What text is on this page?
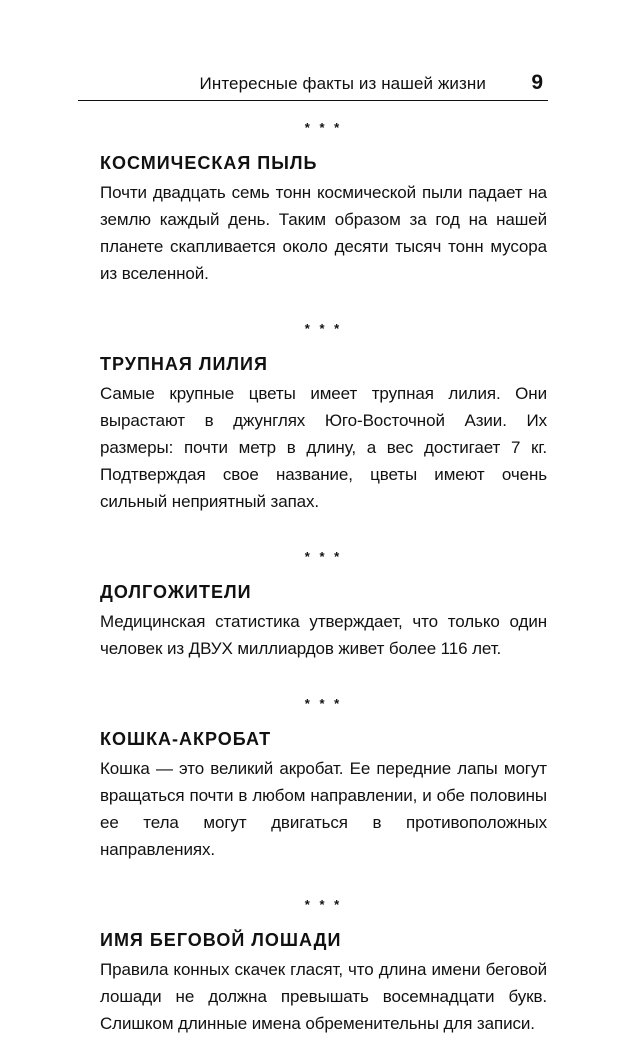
Интересные факты из нашей жизни 9
* * *
КОСМИЧЕСКАЯ ПЫЛЬ

Почти двадцать семь тонн космической пыли падает на землю каждый день. Таким образом за год на нашей планете скапливается около десяти тысяч тонн мусора из вселенной.

* * *
ТРУПНАЯ ЛИЛИЯ

Самые крупные цветы имеет трупная лилия. Они вырастают в джунглях Юго-Восточной Азии. Их размеры: почти метр в длину, а вес достигает 7 кг. Подтверждая свое название, цветы имеют очень сильный неприятный запах.

* * *
ДОЛГОЖИТЕЛИ

Медицинская статистика утверждает, что только один человек из ДВУХ миллиардов живет более 116 лет.

* * *
КОШКА-АКРОБАТ

Кошка — это великий акробат. Ее передние лапы могут вращаться почти в любом направлении, и обе половины ее тела могут двигаться в противоположных направлениях.

* * *
ИМЯ БЕГОВОЙ ЛОШАДИ

Правила конных скачек гласят, что длина имени беговой лошади не должна превышать восемнадцати букв. Слишком длинные имена обременительны для записи.
